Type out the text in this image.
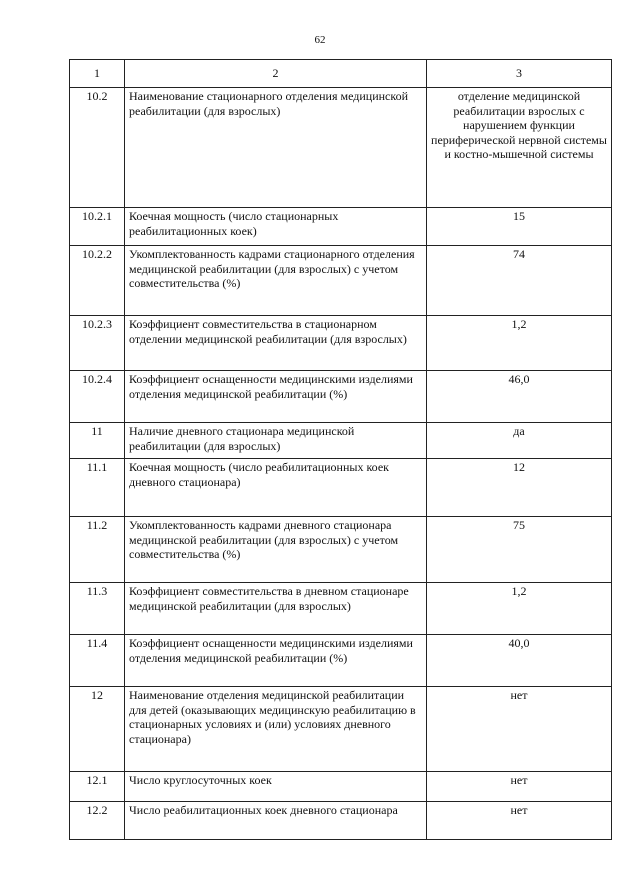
62
1	2	3
10.2	Наименование стационарного отделения медицинской реабилитации (для взрослых)	отделение медицинской реабилитации взрослых с нарушением функции периферической нервной системы и костно-мышечной системы
10.2.1	Коечная мощность (число стационарных реабилитационных коек)	15
10.2.2	Укомплектованность кадрами стационарного отделения медицинской реабилитации (для взрослых) с учетом совместительства (%)	74
10.2.3	Коэффициент совместительства в стационарном отделении медицинской реабилитации (для взрослых)	1,2
10.2.4	Коэффициент оснащенности медицинскими изделиями отделения медицинской реабилитации (%)	46,0
11	Наличие дневного стационара медицинской реабилитации (для взрослых)	да
11.1	Коечная мощность (число реабилитационных коек дневного стационара)	12
11.2	Укомплектованность кадрами дневного стационара медицинской реабилитации (для взрослых) с учетом совместительства (%)	75
11.3	Коэффициент совместительства в дневном стационаре медицинской реабилитации (для взрослых)	1,2
11.4	Коэффициент оснащенности медицинскими изделиями отделения медицинской реабилитации (%)	40,0
12	Наименование отделения медицинской реабилитации для детей (оказывающих медицинскую реабилитацию в стационарных условиях и (или) условиях дневного стационара)	нет
12.1	Число круглосуточных коек	нет
12.2	Число реабилитационных коек дневного стационара	нет
